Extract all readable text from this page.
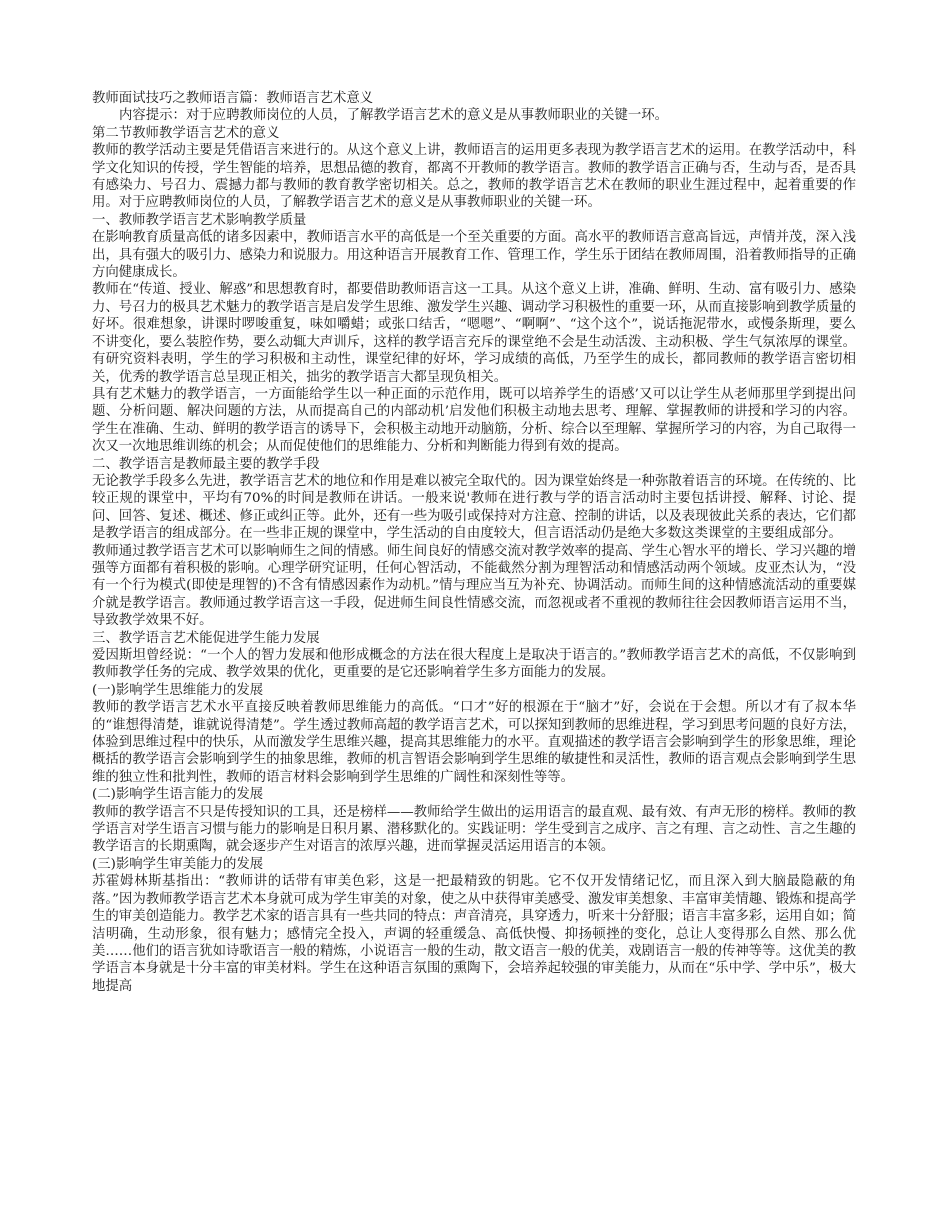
教师面试技巧之教师语言篇：教师语言艺术意义

内容提示：对于应聘教师岗位的人员，了解教学语言艺术的意义是从事教师职业的关键一环。

第二节教师教学语言艺术的意义

教师的教学活动主要是凭借语言来进行的。从这个意义上讲，教师语言的运用更多表现为教学语言艺术的运用。在教学活动中，科学文化知识的传授，学生智能的培养，思想品德的教育，都离不开教师的教学语言。教师的教学语言正确与否，生动与否，是否具有感染力、号召力、震撼力都与教师的教育教学密切相关。总之，教师的教学语言艺术在教师的职业生涯过程中，起着重要的作用。对于应聘教师岗位的人员，了解教学语言艺术的意义是从事教师职业的关键一环。

一、教师教学语言艺术影响教学质量

在影响教育质量高低的诸多因素中，教师语言水平的高低是一个至关重要的方面。高水平的教师语言意高旨远，声情并茂，深入浅出，具有强大的吸引力、感染力和说服力。用这种语言开展教育工作、管理工作，学生乐于团结在教师周围，沿着教师指导的正确方向健康成长。

教师在“传道、授业、解惑”和思想教育时，都要借助教师语言这一工具。从这个意义上讲，准确、鲜明、生动、富有吸引力、感染力、号召力的极具艺术魅力的教学语言是启发学生思维、激发学生兴趣、调动学习积极性的重要一环，从而直接影响到教学质量的好坏。很难想象，讲课时啰唆重复，味如嚼蜡；或张口结舌，“嗯嗯”、“啊啊”、“这个这个”，说话拖泥带水，或慢条斯理，要么不讲变化，要么装腔作势，要么动辄大声训斥，这样的教学语言充斥的课堂绝不会是生动活泼、主动积极、学生气氛浓厚的课堂。有研究资料表明，学生的学习积极和主动性，课堂纪律的好坏，学习成绩的高低，乃至学生的成长，都同教师的教学语言密切相关，优秀的教学语言总呈现正相关，拙劣的教学语言大都呈现负相关。

具有艺术魅力的教学语言，一方面能给学生以一种正面的示范作用，既可以培养学生的语感’又可以让学生从老师那里学到提出问题、分析问题、解决问题的方法，从而提高自己的内部动机’启发他们积极主动地去思考、理解、掌握教师的讲授和学习的内容。学生在准确、生动、鲜明的教学语言的诱导下，会积极主动地开动脑筋，分析、综合以至理解、掌握所学习的内容，为自己取得一次又一次地思维训练的机会；从而促使他们的思维能力、分析和判断能力得到有效的提高。

二、教学语言是教师最主要的教学手段

无论教学手段多么先进，教学语言艺术的地位和作用是难以被完全取代的。因为课堂始终是一种弥散着语言的环境。在传统的、比较正规的课堂中，平均有70%的时间是教师在讲话。一般来说'教师在进行教与学的语言活动时主要包括讲授、解释、讨论、提问、回答、复述、概述、修正或纠正等。此外，还有一些为吸引或保持对方注意、控制的讲话，以及表现彼此关系的表达，它们都是教学语言的组成部分。在一些非正规的课堂中，学生活动的自由度较大，但言语活动仍是绝大多数这类课堂的主要组成部分。

教师通过教学语言艺术可以影响师生之间的情感。师生间良好的情感交流对教学效率的提高、学生心智水平的增长、学习兴趣的增强等方面都有着积极的影响。心理学研究证明，任何心智活动，不能截然分割为理智活动和情感活动两个领域。皮亚杰认为，“没有一个行为模式(即使是理智的)不含有情感因素作为动机。”情与理应当互为补充、协调活动。而师生间的这种情感流活动的重要媒介就是教学语言。教师通过教学语言这一手段，促进师生间良性情感交流，而忽视或者不重视的教师往往会因教师语言运用不当，导致教学效果不好。

三、教学语言艺术能促进学生能力发展

爱因斯坦曾经说：“一个人的智力发展和他形成概念的方法在很大程度上是取决于语言的。”教师教学语言艺术的高低，不仅影响到教师教学任务的完成、教学效果的优化，更重要的是它还影响着学生多方面能力的发展。

(一)影响学生思维能力的发展

教师的教学语言艺术水平直接反映着教师思维能力的高低。“口才”好的根源在于“脑才”好，会说在于会想。所以才有了叔本华的“谁想得清楚，谁就说得清楚”。学生透过教师高超的教学语言艺术，可以探知到教师的思维进程，学习到思考问题的良好方法，体验到思维过程中的快乐，从而激发学生思维兴趣，提高其思维能力的水平。直观描述的教学语言会影响到学生的形象思维，理论概括的教学语言会影响到学生的抽象思维，教师的机言智语会影响到学生思维的敏捷性和灵活性，教师的语言观点会影响到学生思维的独立性和批判性，教师的语言材料会影响到学生思维的广阔性和深刻性等等。

(二)影响学生语言能力的发展

教师的教学语言不只是传授知识的工具，还是榜样——教师给学生做出的运用语言的最直观、最有效、有声无形的榜样。教师的教学语言对学生语言习惯与能力的影响是日积月累、潜移默化的。实践证明：学生受到言之成序、言之有理、言之动性、言之生趣的教学语言的长期熏陶，就会逐步产生对语言的浓厚兴趣，进而掌握灵活运用语言的本领。

(三)影响学生审美能力的发展

苏霍姆林斯基指出：“教师讲的话带有审美色彩，这是一把最精致的钥匙。它不仅开发情绪记忆，而且深入到大脑最隐蔽的角落。”因为教师教学语言艺术本身就可成为学生审美的对象，使之从中获得审美感受、激发审美想象、丰富审美情趣、锻炼和提高学生的审美创造能力。教学艺术家的语言具有一些共同的特点：声音清亮，具穿透力，听来十分舒服；语言丰富多彩，运用自如；简洁明确，生动形象，很有魅力；感情完全投入，声调的轻重缓急、高低快慢、抑扬顿挫的变化，总让人变得那么自然、那么优美……他们的语言犹如诗歌语言一般的精炼，小说语言一般的生动，散文语言一般的优美，戏剧语言一般的传神等等。这优美的教学语言本身就是十分丰富的审美材料。学生在这种语言氛围的熏陶下，会培养起较强的审美能力，从而在“乐中学、学中乐”，极大地提高
